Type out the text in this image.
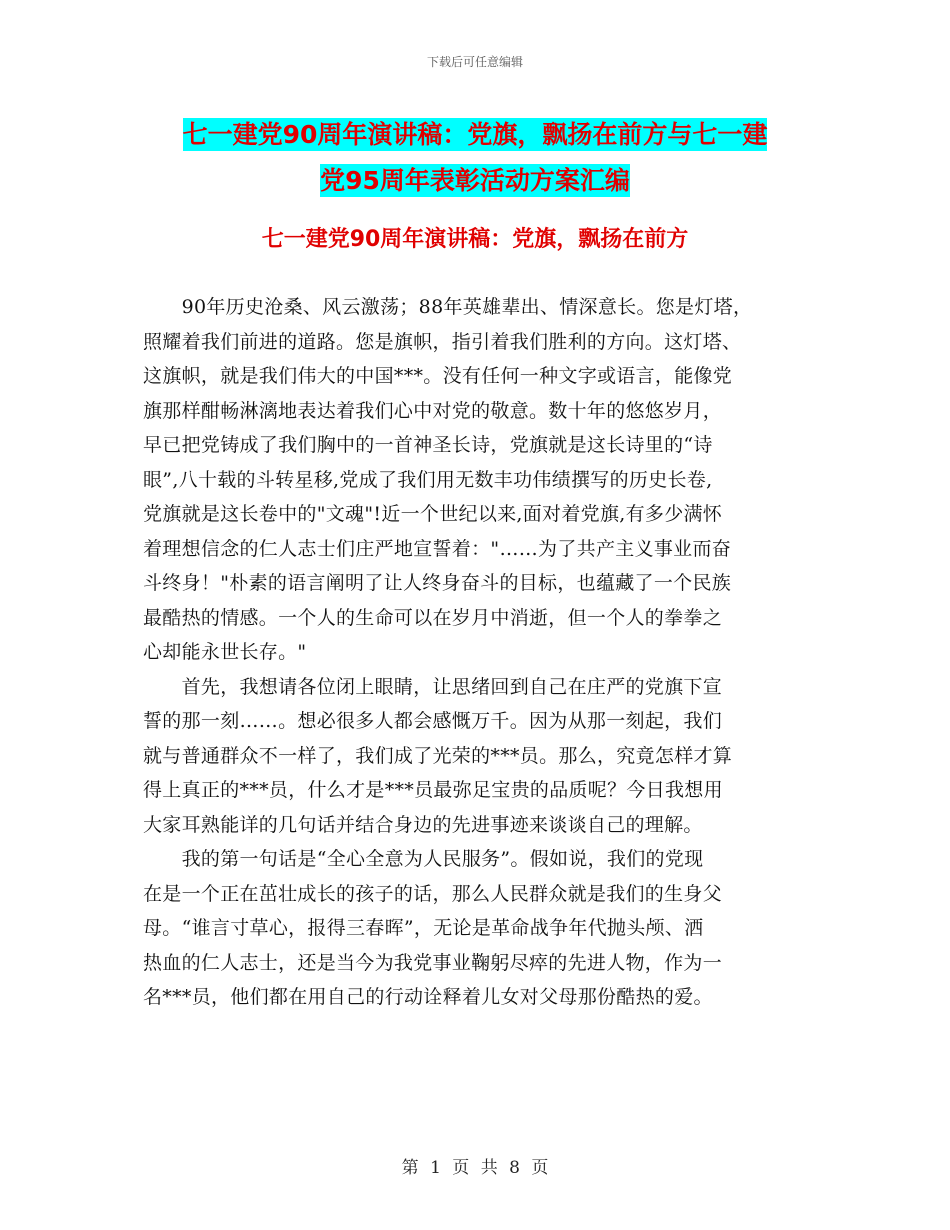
下载后可任意编辑
七一建党90周年演讲稿：党旗，飘扬在前方与七一建
党95周年表彰活动方案汇编
七一建党90周年演讲稿：党旗，飘扬在前方
　　90年历史沧桑、风云激荡；88年英雄辈出、情深意长。您是灯塔，
照耀着我们前进的道路。您是旗帜，指引着我们胜利的方向。这灯塔、
这旗帜，就是我们伟大的中国***。没有任何一种文字或语言，能像党
旗那样酣畅淋漓地表达着我们心中对党的敬意。数十年的悠悠岁月，
早已把党铸成了我们胸中的一首神圣长诗，党旗就是这长诗里的“诗
眼”,八十载的斗转星移,党成了我们用无数丰功伟绩撰写的历史长卷,
党旗就是这长卷中的"文魂"!近一个世纪以来,面对着党旗,有多少满怀
着理想信念的仁人志士们庄严地宣誓着："……为了共产主义事业而奋
斗终身！"朴素的语言阐明了让人终身奋斗的目标，也蕴藏了一个民族
最酷热的情感。一个人的生命可以在岁月中消逝，但一个人的拳拳之
心却能永世长存。"
　　首先，我想请各位闭上眼睛，让思绪回到自己在庄严的党旗下宣
誓的那一刻……。想必很多人都会感慨万千。因为从那一刻起，我们
就与普通群众不一样了，我们成了光荣的***员。那么，究竟怎样才算
得上真正的***员，什么才是***员最弥足宝贵的品质呢？今日我想用
大家耳熟能详的几句话并结合身边的先进事迹来谈谈自己的理解。
　　我的第一句话是“全心全意为人民服务”。假如说，我们的党现
在是一个正在茁壮成长的孩子的话，那么人民群众就是我们的生身父
母。“谁言寸草心，报得三春晖”，无论是革命战争年代抛头颅、洒
热血的仁人志士，还是当今为我党事业鞠躬尽瘁的先进人物，作为一
名***员，他们都在用自己的行动诠释着儿女对父母那份酷热的爱。
第 1 页 共 8 页
